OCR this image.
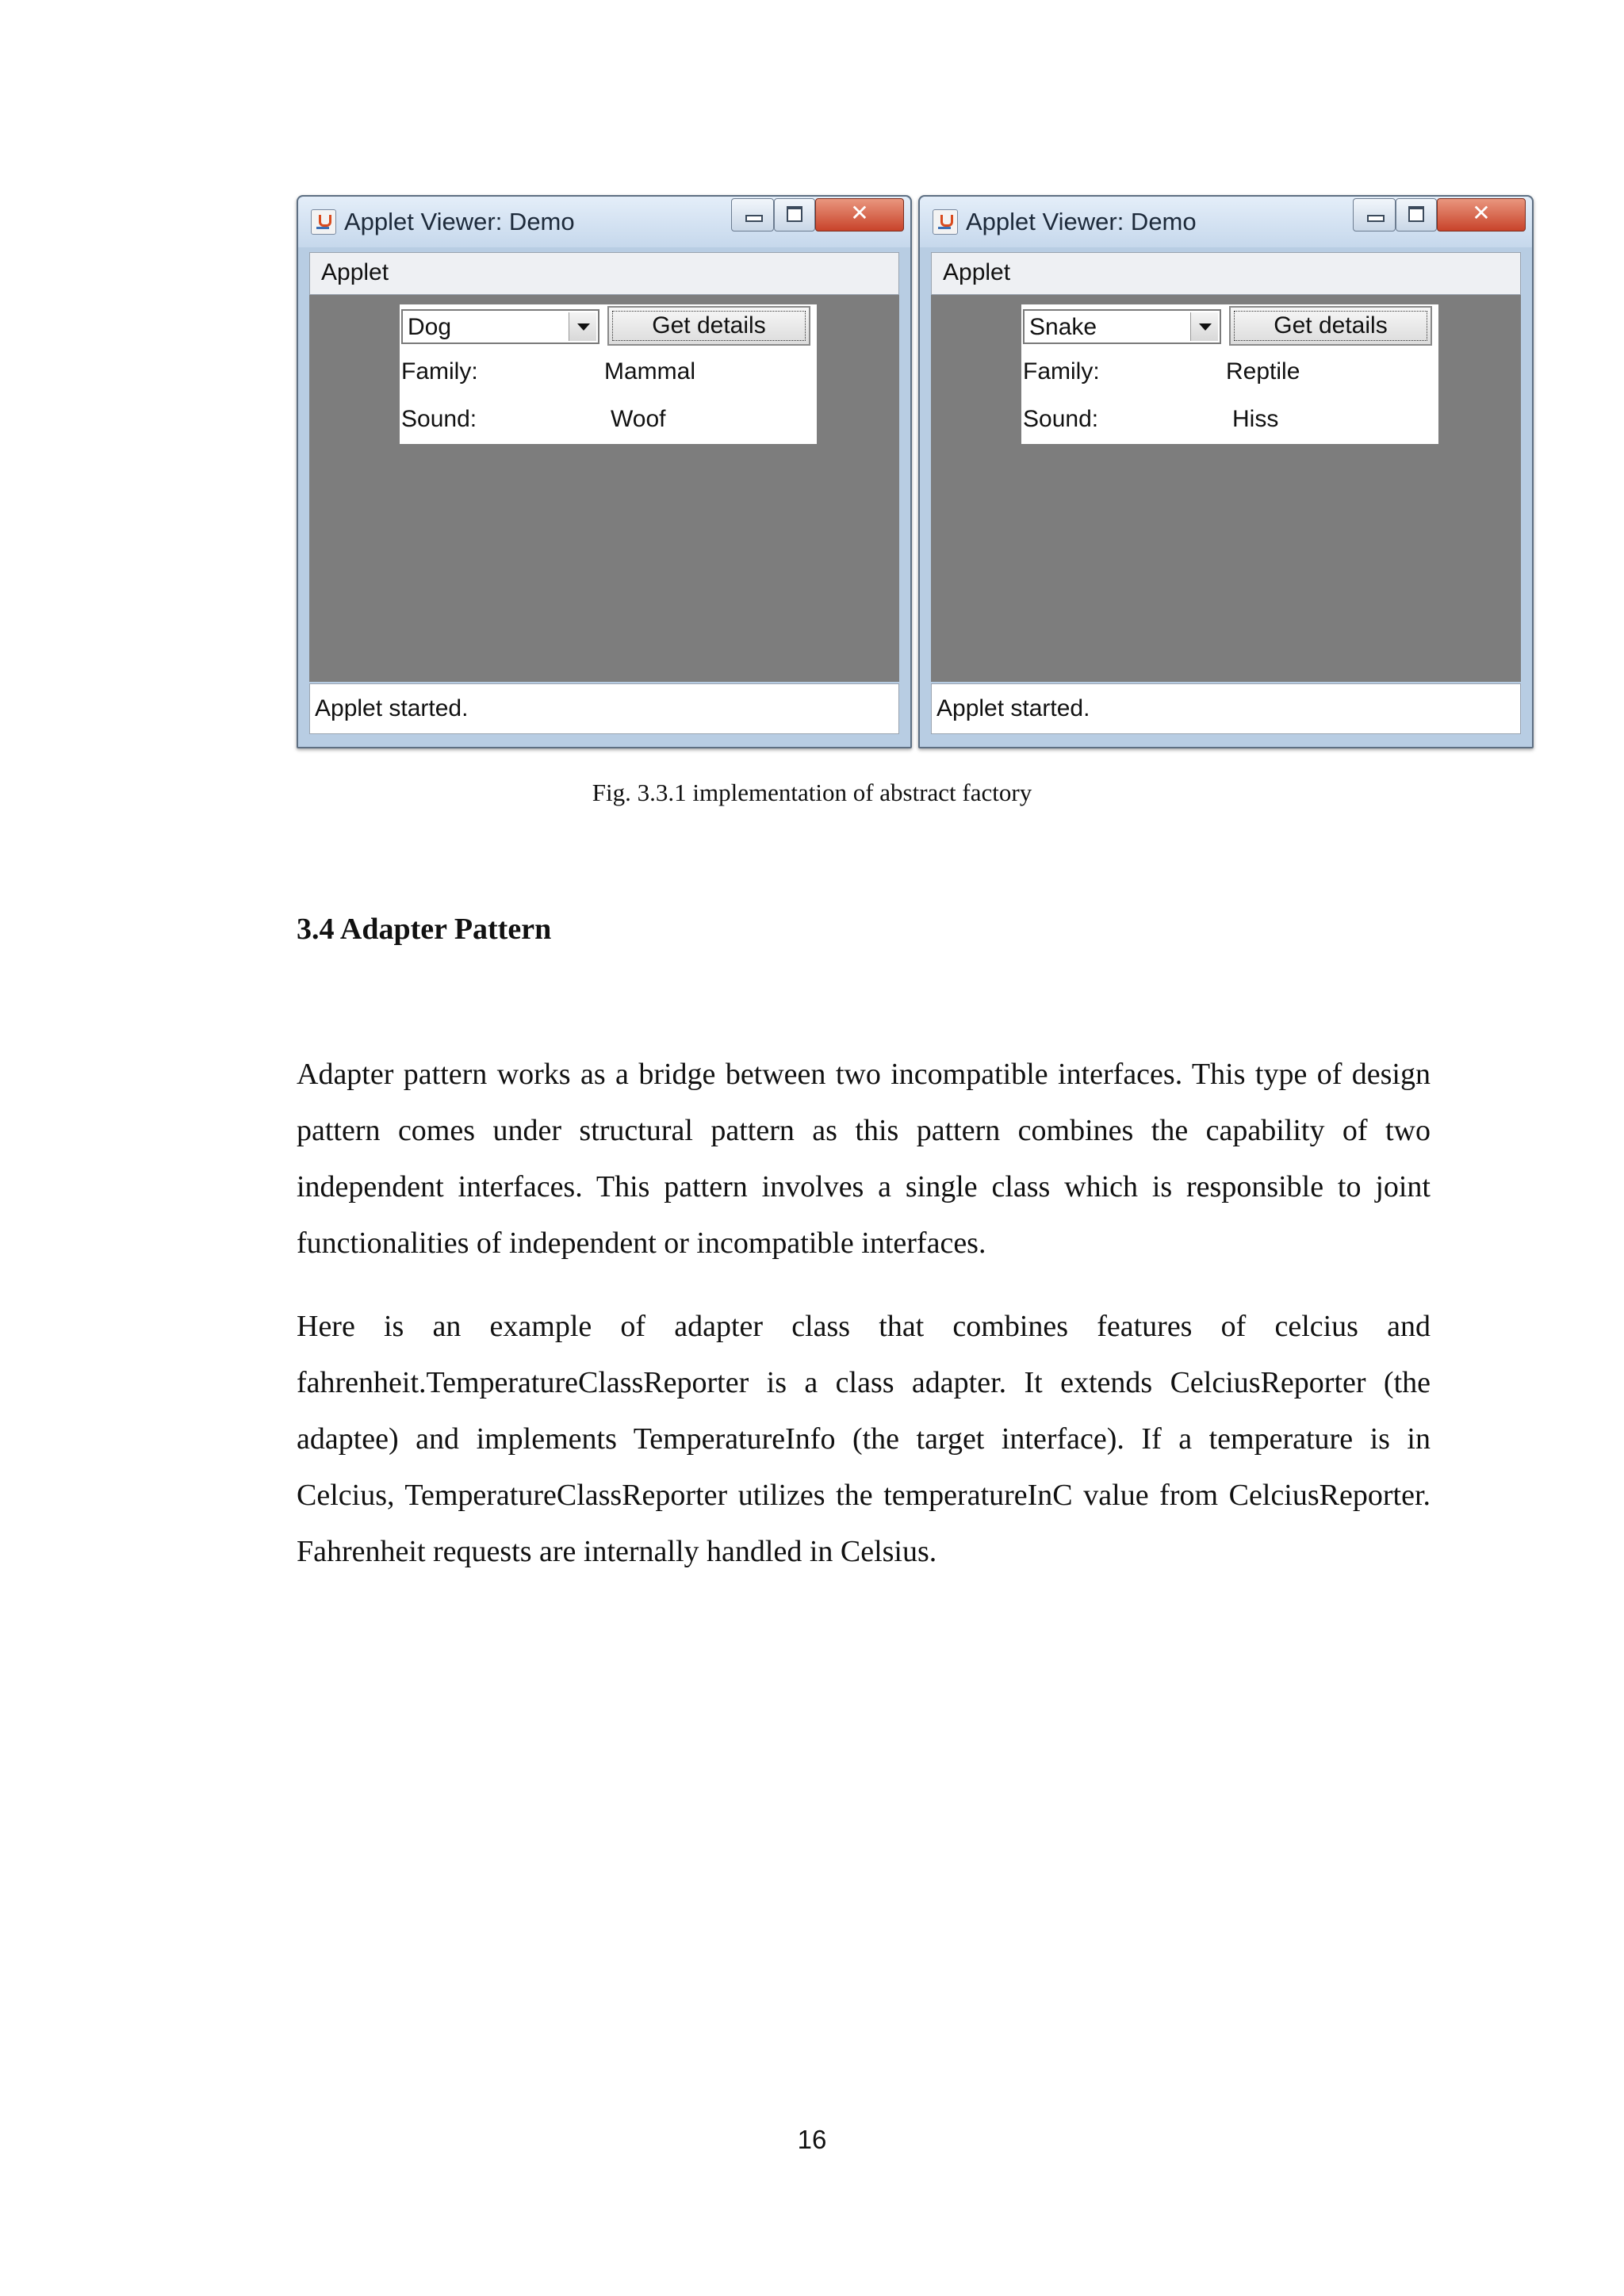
Applet Viewer: Demo	✕
Applet
Dog	Get details
Family:	Mammal
Sound:	Woof
Applet started.
Applet Viewer: Demo	✕
Applet
Snake	Get details
Family:	Reptile
Sound:	Hiss
Applet started.
Fig. 3.3.1 implementation of abstract factory
3.4 Adapter Pattern

Adapter pattern works as a bridge between two incompatible interfaces. This type of design pattern comes under structural pattern as this pattern combines the capability of two independent interfaces. This pattern involves a single class which is responsible to joint functionalities of independent or incompatible interfaces.

Here is an example of adapter class that combines features of celcius and fahrenheit.TemperatureClassReporter is a class adapter. It extends CelciusReporter (the adaptee) and implements TemperatureInfo (the target interface). If a temperature is in Celcius, TemperatureClassReporter utilizes the temperatureInC value from CelciusReporter. Fahrenheit requests are internally handled in Celsius.

16
